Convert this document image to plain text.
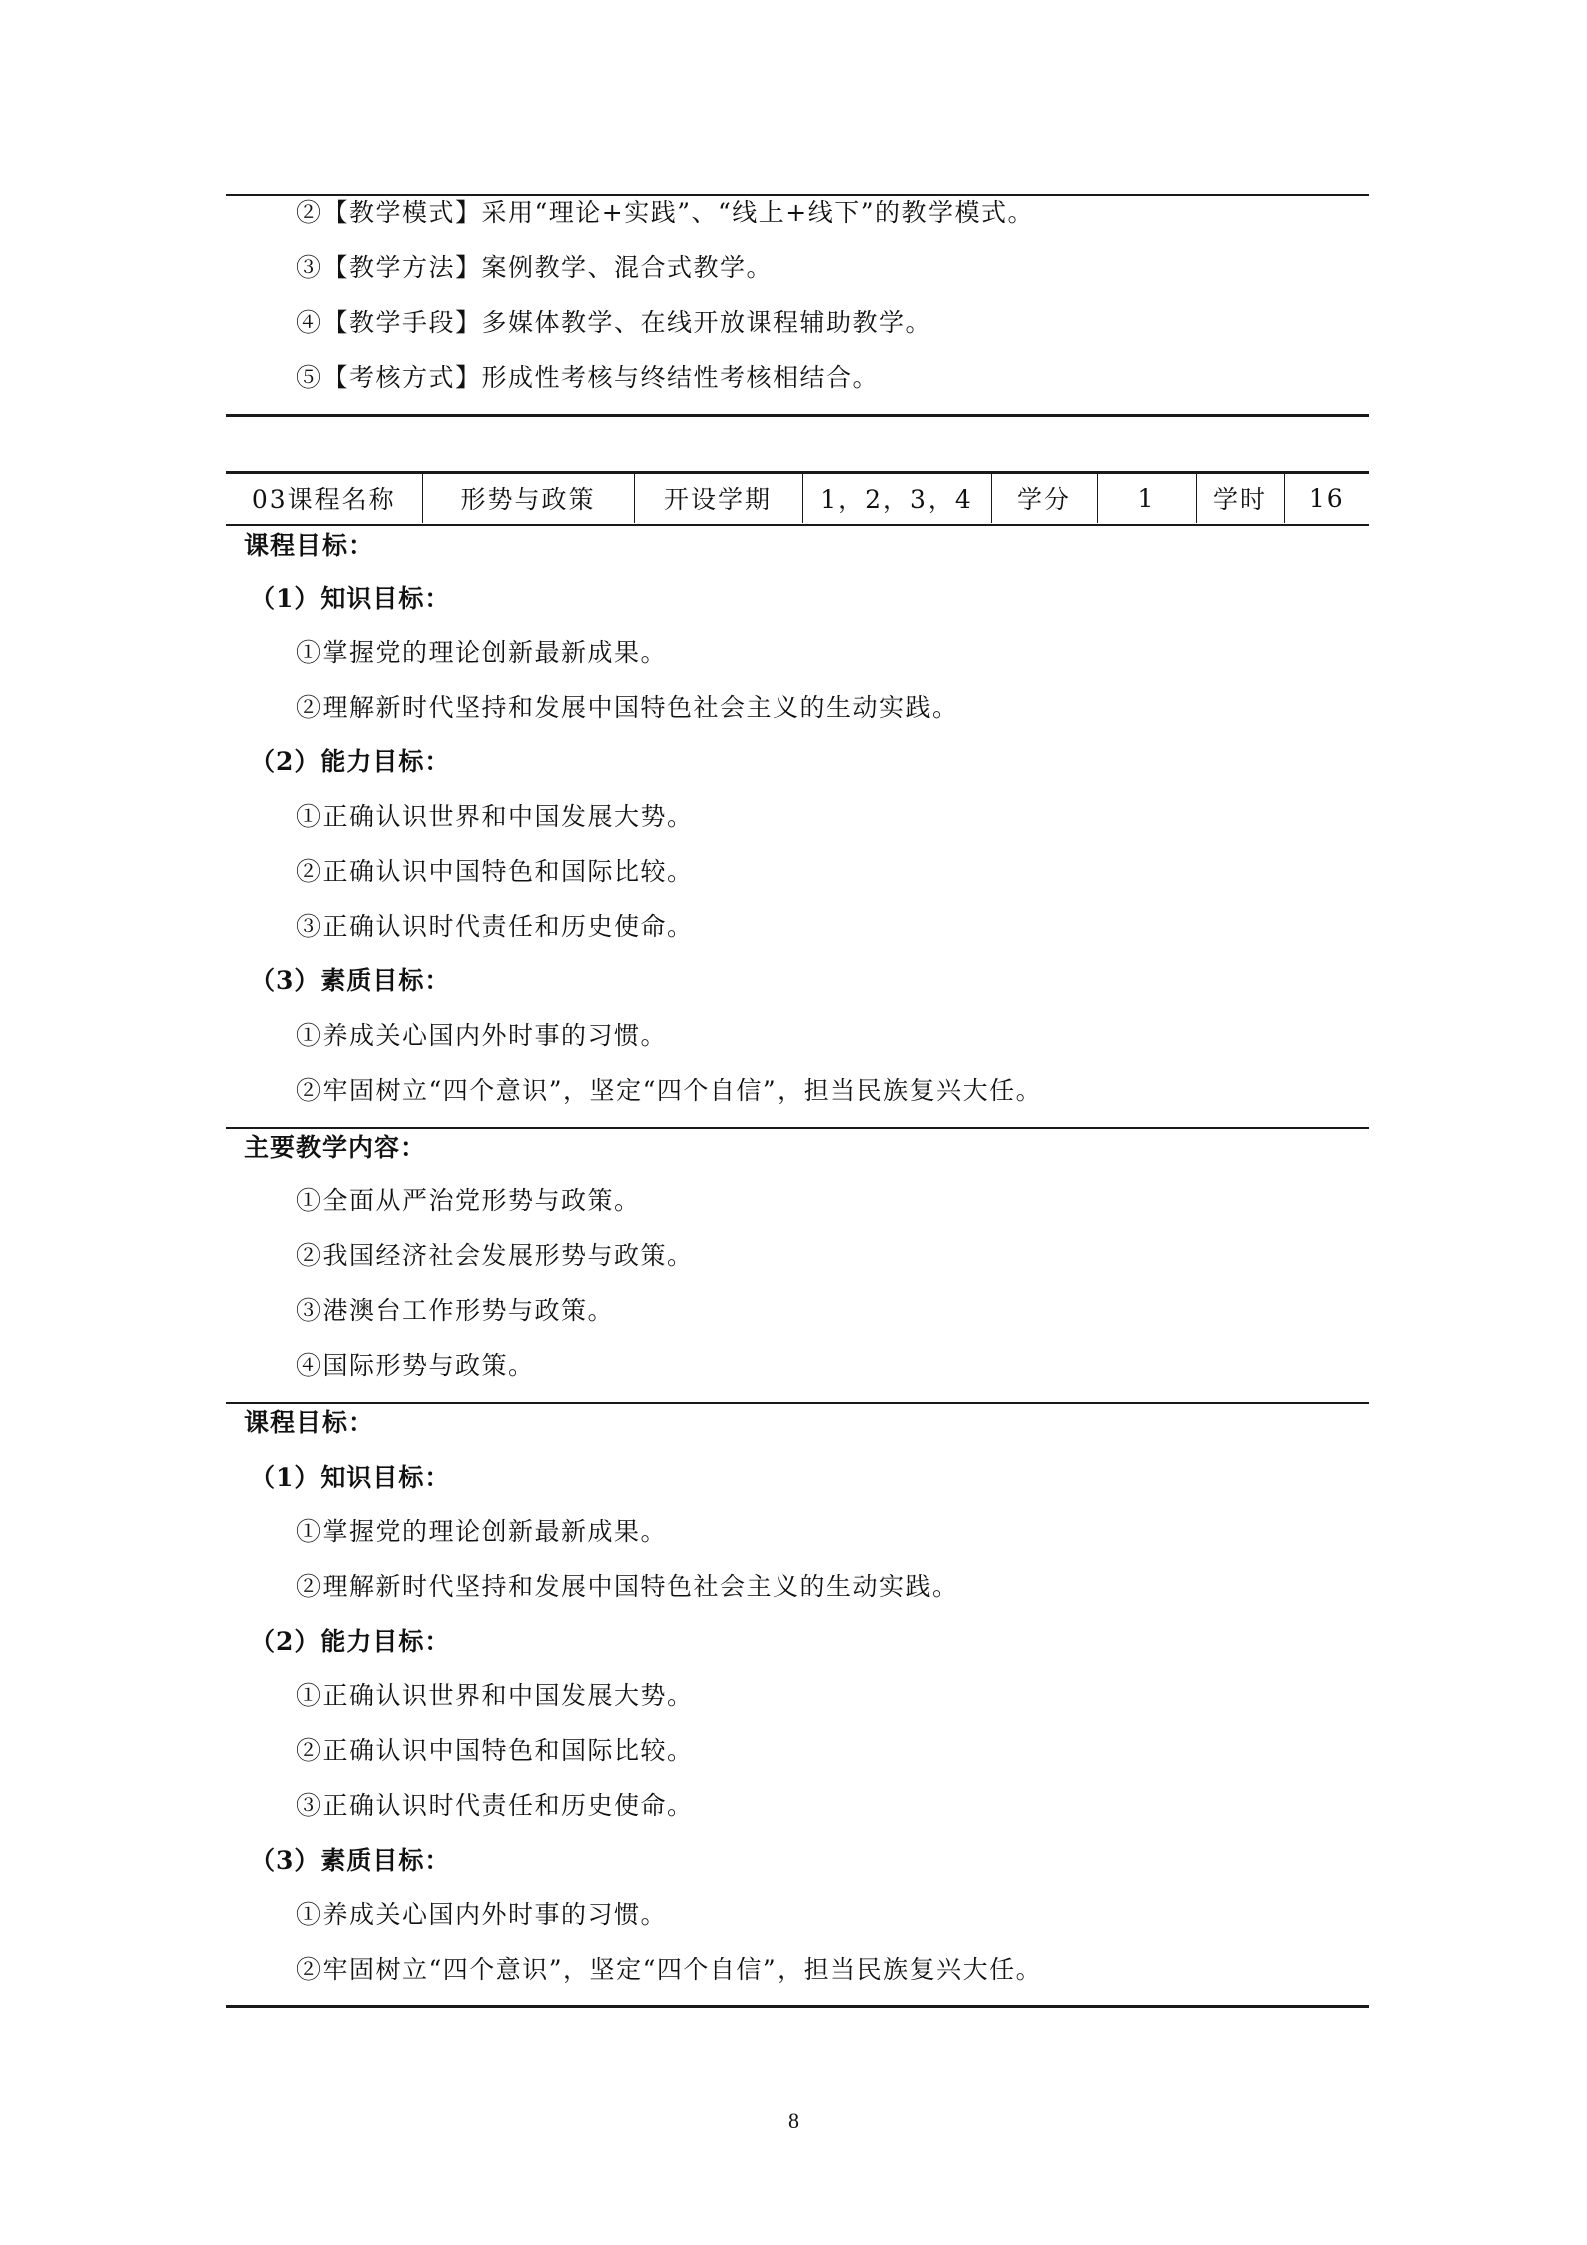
②【教学模式】采用“理论+实践”、“线上+线下”的教学模式。
③【教学方法】案例教学、混合式教学。
④【教学手段】多媒体教学、在线开放课程辅助教学。
⑤【考核方式】形成性考核与终结性考核相结合。
03课程名称	形势与政策	开设学期	1，2，3，4	学分	1	学时	16
课程目标：
（1）知识目标：
①掌握党的理论创新最新成果。
②理解新时代坚持和发展中国特色社会主义的生动实践。
（2）能力目标：
①正确认识世界和中国发展大势。
②正确认识中国特色和国际比较。
③正确认识时代责任和历史使命。
（3）素质目标：
①养成关心国内外时事的习惯。
②牢固树立“四个意识”，坚定“四个自信”，担当民族复兴大任。
主要教学内容：
①全面从严治党形势与政策。
②我国经济社会发展形势与政策。
③港澳台工作形势与政策。
④国际形势与政策。
课程目标：
（1）知识目标：
①掌握党的理论创新最新成果。
②理解新时代坚持和发展中国特色社会主义的生动实践。
（2）能力目标：
①正确认识世界和中国发展大势。
②正确认识中国特色和国际比较。
③正确认识时代责任和历史使命。
（3）素质目标：
①养成关心国内外时事的习惯。
②牢固树立“四个意识”，坚定“四个自信”，担当民族复兴大任。
8
